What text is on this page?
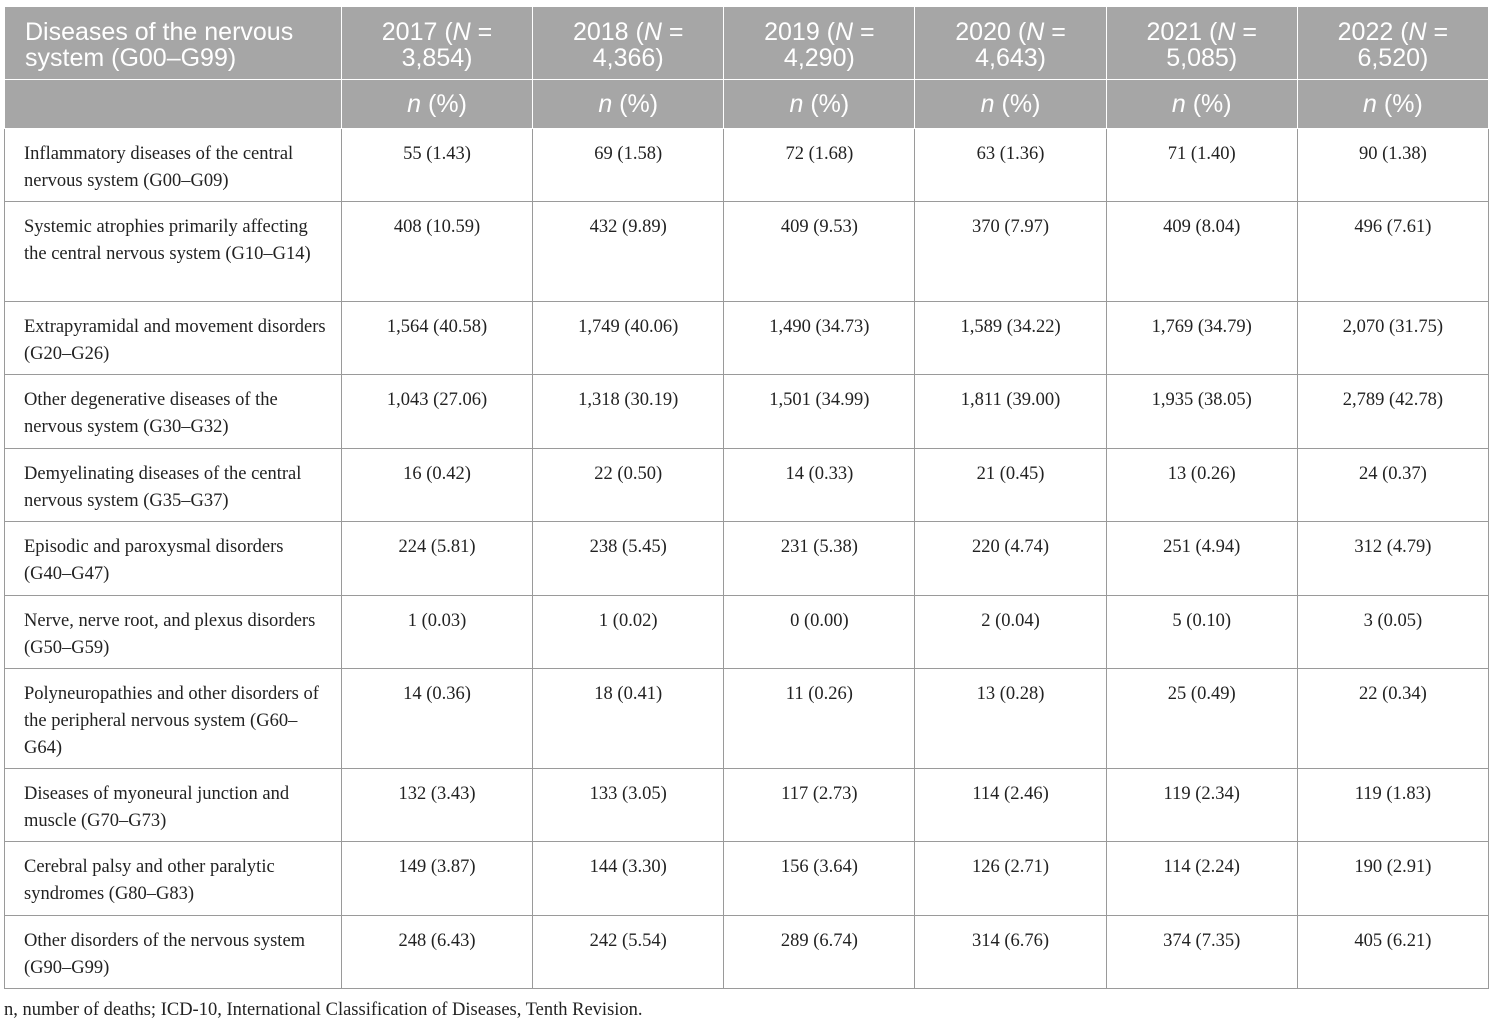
Diseases of the nervous system (G00–G99)	2017 (N = 3,854)	2018 (N = 4,366)	2019 (N = 4,290)	2020 (N = 4,643)	2021 (N = 5,085)	2022 (N = 6,520)
	n (%)	n (%)	n (%)	n (%)	n (%)	n (%)
Inflammatory diseases of the central nervous system (G00–G09)	55 (1.43)	69 (1.58)	72 (1.68)	63 (1.36)	71 (1.40)	90 (1.38)
Systemic atrophies primarily affecting the central nervous system (G10–G14)	408 (10.59)	432 (9.89)	409 (9.53)	370 (7.97)	409 (8.04)	496 (7.61)
Extrapyramidal and movement disorders (G20–G26)	1,564 (40.58)	1,749 (40.06)	1,490 (34.73)	1,589 (34.22)	1,769 (34.79)	2,070 (31.75)
Other degenerative diseases of the nervous system (G30–G32)	1,043 (27.06)	1,318 (30.19)	1,501 (34.99)	1,811 (39.00)	1,935 (38.05)	2,789 (42.78)
Demyelinating diseases of the central nervous system (G35–G37)	16 (0.42)	22 (0.50)	14 (0.33)	21 (0.45)	13 (0.26)	24 (0.37)
Episodic and paroxysmal disorders (G40–G47)	224 (5.81)	238 (5.45)	231 (5.38)	220 (4.74)	251 (4.94)	312 (4.79)
Nerve, nerve root, and plexus disorders (G50–G59)	1 (0.03)	1 (0.02)	0 (0.00)	2 (0.04)	5 (0.10)	3 (0.05)
Polyneuropathies and other disorders of the peripheral nervous system (G60–G64)	14 (0.36)	18 (0.41)	11 (0.26)	13 (0.28)	25 (0.49)	22 (0.34)
Diseases of myoneural junction and muscle (G70–G73)	132 (3.43)	133 (3.05)	117 (2.73)	114 (2.46)	119 (2.34)	119 (1.83)
Cerebral palsy and other paralytic syndromes (G80–G83)	149 (3.87)	144 (3.30)	156 (3.64)	126 (2.71)	114 (2.24)	190 (2.91)
Other disorders of the nervous system (G90–G99)	248 (6.43)	242 (5.54)	289 (6.74)	314 (6.76)	374 (7.35)	405 (6.21)
n, number of deaths; ICD-10, International Classification of Diseases, Tenth Revision.
